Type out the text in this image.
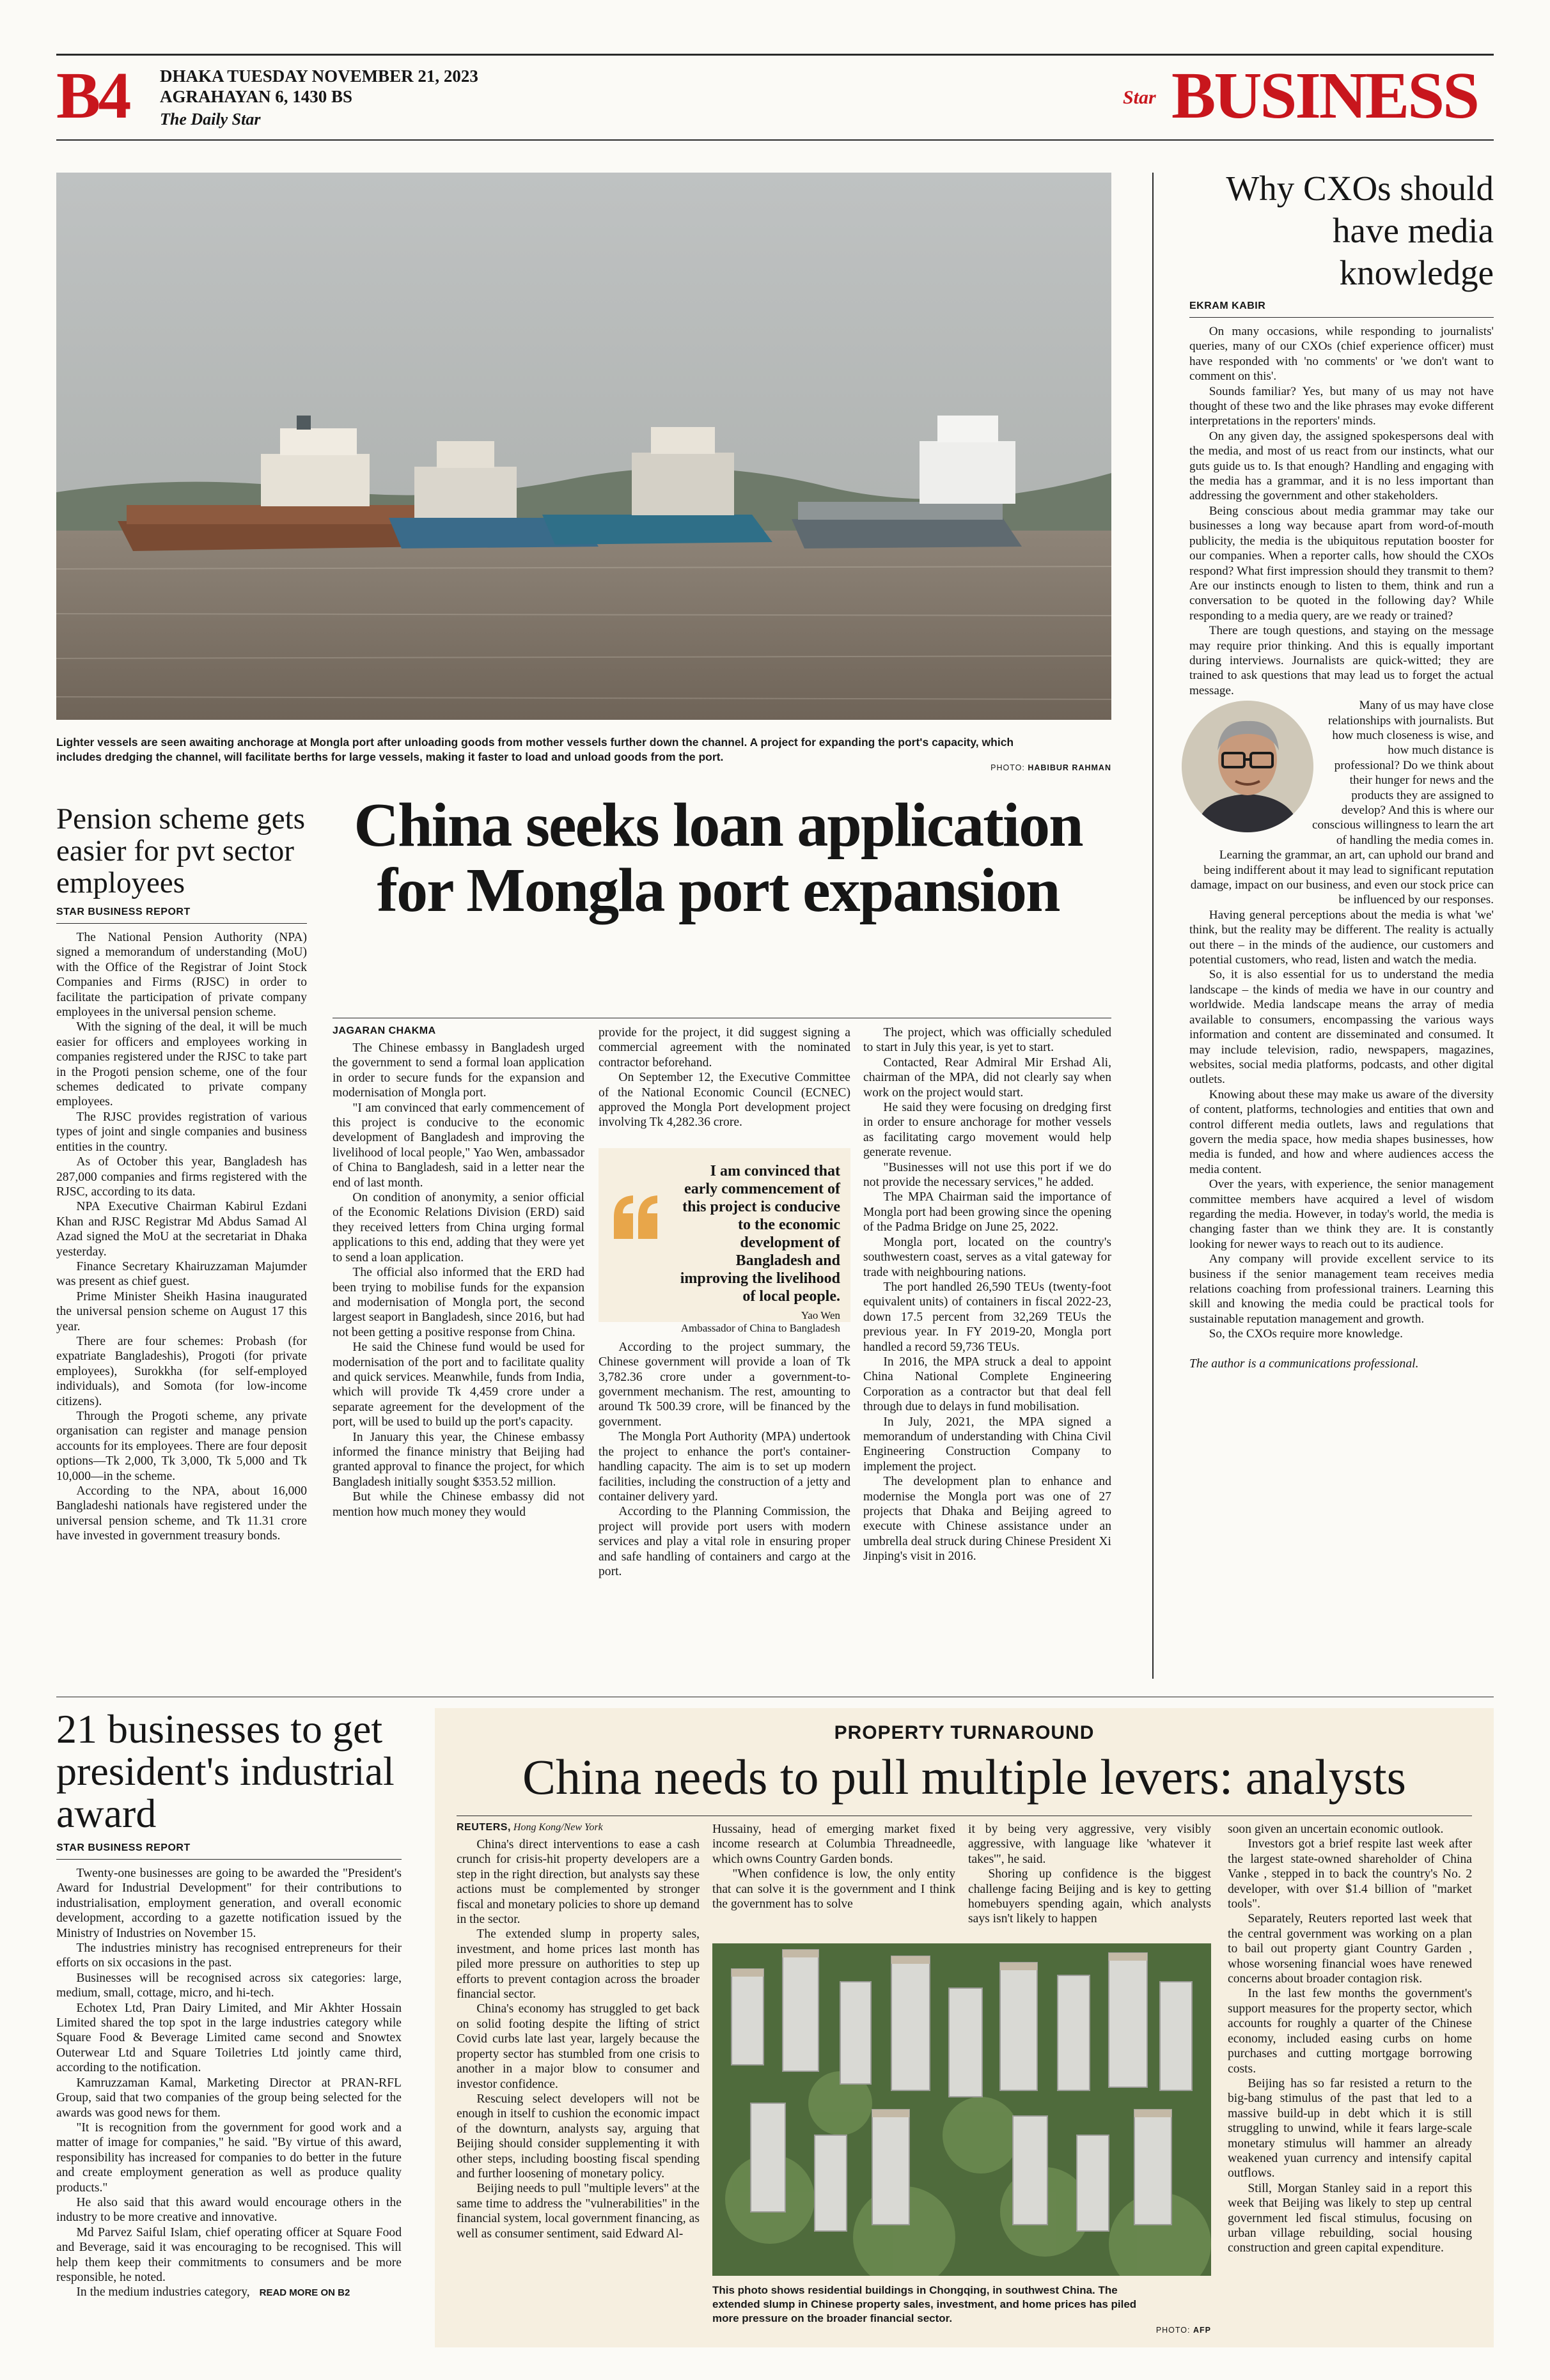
B4 DHAKA TUESDAY NOVEMBER 21, 2023
AGRAHAYAN 6, 1430 BS
The Daily Star
Star BUSINESS
Lighter vessels are seen awaiting anchorage at Mongla port after unloading goods from mother vessels further down the channel. A project for expanding the port's capacity, which includes dredging the channel, will facilitate berths for large vessels, making it faster to load and unload goods from the port.
PHOTO: HABIBUR RAHMAN
China seeks loan application for Mongla port expansion
JAGARAN CHAKMA

The Chinese embassy in Bangladesh urged the government to send a formal loan application in order to secure funds for the expansion and modernisation of Mongla port.

"I am convinced that early commencement of this project is conducive to the economic development of Bangladesh and improving the livelihood of local people," Yao Wen, ambassador of China to Bangladesh, said in a letter near the end of last month.

On condition of anonymity, a senior official of the Economic Relations Division (ERD) said they received letters from China urging formal applications to this end, adding that they were yet to send a loan application.

The official also informed that the ERD had been trying to mobilise funds for the expansion and modernisation of Mongla port, the second largest seaport in Bangladesh, since 2016, but had not been getting a positive response from China.

He said the Chinese fund would be used for modernisation of the port and to facilitate quality and quick services. Meanwhile, funds from India, which will provide Tk 4,459 crore under a separate agreement for the development of the port, will be used to build up the port's capacity.

In January this year, the Chinese embassy informed the finance ministry that Beijing had granted approval to finance the project, for which Bangladesh initially sought $353.52 million.

But while the Chinese embassy did not mention how much money they would

provide for the project, it did suggest signing a commercial agreement with the nominated contractor beforehand.

On September 12, the Executive Committee of the National Economic Council (ECNEC) approved the Mongla Port development project involving Tk 4,282.36 crore.

I am convinced that early commencement of this project is conducive to the economic development of Bangladesh and improving the livelihood of local people.
Yao Wen
Ambassador of China to Bangladesh

According to the project summary, the Chinese government will provide a loan of Tk 3,782.36 crore under a government-to-government mechanism. The rest, amounting to around Tk 500.39 crore, will be financed by the government.

The Mongla Port Authority (MPA) undertook the project to enhance the port's container-handling capacity. The aim is to set up modern facilities, including the construction of a jetty and container delivery yard.

According to the Planning Commission, the project will provide port users with modern services and play a vital role in ensuring proper and safe handling of containers and cargo at the port.

The project, which was officially scheduled to start in July this year, is yet to start.

Contacted, Rear Admiral Mir Ershad Ali, chairman of the MPA, did not clearly say when work on the project would start.

He said they were focusing on dredging first in order to ensure anchorage for mother vessels as facilitating cargo movement would help generate revenue.

"Businesses will not use this port if we do not provide the necessary services," he added.

The MPA Chairman said the importance of Mongla port had been growing since the opening of the Padma Bridge on June 25, 2022.

Mongla port, located on the country's southwestern coast, serves as a vital gateway for trade with neighbouring nations.

The port handled 26,590 TEUs (twenty-foot equivalent units) of containers in fiscal 2022-23, down 17.5 percent from 32,269 TEUs the previous year. In FY 2019-20, Mongla port handled a record 59,736 TEUs.

In 2016, the MPA struck a deal to appoint China National Complete Engineering Corporation as a contractor but that deal fell through due to delays in fund mobilisation.

In July, 2021, the MPA signed a memorandum of understanding with China Civil Engineering Construction Company to implement the project.

The development plan to enhance and modernise the Mongla port was one of 27 projects that Dhaka and Beijing agreed to execute with Chinese assistance under an umbrella deal struck during Chinese President Xi Jinping's visit in 2016.

Pension scheme gets easier for pvt sector employees
STAR BUSINESS REPORT

The National Pension Authority (NPA) signed a memorandum of understanding (MoU) with the Office of the Registrar of Joint Stock Companies and Firms (RJSC) in order to facilitate the participation of private company employees in the universal pension scheme.

With the signing of the deal, it will be much easier for officers and employees working in companies registered under the RJSC to take part in the Progoti pension scheme, one of the four schemes dedicated to private company employees.

The RJSC provides registration of various types of joint and single companies and business entities in the country.

As of October this year, Bangladesh has 287,000 companies and firms registered with the RJSC, according to its data.

NPA Executive Chairman Kabirul Ezdani Khan and RJSC Registrar Md Abdus Samad Al Azad signed the MoU at the secretariat in Dhaka yesterday.

Finance Secretary Khairuzzaman Majumder was present as chief guest.

Prime Minister Sheikh Hasina inaugurated the universal pension scheme on August 17 this year.

There are four schemes: Probash (for expatriate Bangladeshis), Progoti (for private employees), Surokkha (for self-employed individuals), and Somota (for low-income citizens).

Through the Progoti scheme, any private organisation can register and manage pension accounts for its employees. There are four deposit options—Tk 2,000, Tk 3,000, Tk 5,000 and Tk 10,000—in the scheme.

According to the NPA, about 16,000 Bangladeshi nationals have registered under the universal pension scheme, and Tk 11.31 crore have invested in government treasury bonds.

Why CXOs should have media knowledge
EKRAM KABIR

On many occasions, while responding to journalists' queries, many of our CXOs (chief experience officer) must have responded with 'no comments' or 'we don't want to comment on this'.

Sounds familiar? Yes, but many of us may not have thought of these two and the like phrases may evoke different interpretations in the reporters' minds.

On any given day, the assigned spokespersons deal with the media, and most of us react from our instincts, what our guts guide us to. Is that enough? Handling and engaging with the media has a grammar, and it is no less important than addressing the government and other stakeholders.

Being conscious about media grammar may take our businesses a long way because apart from word-of-mouth publicity, the media is the ubiquitous reputation booster for our companies. When a reporter calls, how should the CXOs respond? What first impression should they transmit to them? Are our instincts enough to listen to them, think and run a conversation to be quoted in the following day? While responding to a media query, are we ready or trained?

There are tough questions, and staying on the message may require prior thinking. And this is equally important during interviews. Journalists are quick-witted; they are trained to ask questions that may lead us to forget the actual message.

Many of us may have close relationships with journalists. But how much closeness is wise, and how much distance is professional? Do we think about their hunger for news and the products they are assigned to develop? And this is where our conscious willingness to learn the art of handling the media comes in.

Learning the grammar, an art, can uphold our brand and being indifferent about it may lead to significant reputation damage, impact on our business, and even our stock price can be influenced by our responses.

Having general perceptions about the media is what 'we' think, but the reality may be different. The reality is actually out there – in the minds of the audience, our customers and potential customers, who read, listen and watch the media.

So, it is also essential for us to understand the media landscape – the kinds of media we have in our country and worldwide. Media landscape means the array of media available to consumers, encompassing the various ways information and content are disseminated and consumed. It may include television, radio, newspapers, magazines, websites, social media platforms, podcasts, and other digital outlets.

Knowing about these may make us aware of the diversity of content, platforms, technologies and entities that own and control different media outlets, laws and regulations that govern the media space, how media shapes businesses, how media is funded, and how and where audiences access the media content.

Over the years, with experience, the senior management committee members have acquired a level of wisdom regarding the media. However, in today's world, the media is changing faster than we think they are. It is constantly looking for newer ways to reach out to its audience.

Any company will provide excellent service to its business if the senior management team receives media relations coaching from professional trainers. Learning this skill and knowing the media could be practical tools for sustainable reputation management and growth.

So, the CXOs require more knowledge.

The author is a communications professional.
21 businesses to get president's industrial award
STAR BUSINESS REPORT

Twenty-one businesses are going to be awarded the "President's Award for Industrial Development" for their contributions to industrialisation, employment generation, and overall economic development, according to a gazette notification issued by the Ministry of Industries on November 15.

The industries ministry has recognised entrepreneurs for their efforts on six occasions in the past.

Businesses will be recognised across six categories: large, medium, small, cottage, micro, and hi-tech.

Echotex Ltd, Pran Dairy Limited, and Mir Akhter Hossain Limited shared the top spot in the large industries category while Square Food & Beverage Limited came second and Snowtex Outerwear Ltd and Square Toiletries Ltd jointly came third, according to the notification.

Kamruzzaman Kamal, Marketing Director at PRAN-RFL Group, said that two companies of the group being selected for the awards was good news for them.

"It is recognition from the government for good work and a matter of image for companies," he said. "By virtue of this award, responsibility has increased for companies to do better in the future and create employment generation as well as produce quality products."

He also said that this award would encourage others in the industry to be more creative and innovative.

Md Parvez Saiful Islam, chief operating officer at Square Food and Beverage, said it was encouraging to be recognised. This will help them keep their commitments to consumers and be more responsible, he noted.

In the medium industries category, READ MORE ON B2

PROPERTY TURNAROUND
China needs to pull multiple levers: analysts
REUTERS, Hong Kong/New York

China's direct interventions to ease a cash crunch for crisis-hit property developers are a step in the right direction, but analysts say these actions must be complemented by stronger fiscal and monetary policies to shore up demand in the sector.

The extended slump in property sales, investment, and home prices last month has piled more pressure on authorities to step up efforts to prevent contagion across the broader financial sector.

China's economy has struggled to get back on solid footing despite the lifting of strict Covid curbs late last year, largely because the property sector has stumbled from one crisis to another in a major blow to consumer and investor confidence.

Rescuing select developers will not be enough in itself to cushion the economic impact of the downturn, analysts say, arguing that Beijing should consider supplementing it with other steps, including boosting fiscal spending and further loosening of monetary policy.

Beijing needs to pull "multiple levers" at the same time to address the "vulnerabilities" in the financial system, local government financing, as well as consumer sentiment, said Edward Al-

Hussainy, head of emerging market fixed income research at Columbia Threadneedle, which owns Country Garden bonds.

"When confidence is low, the only entity that can solve it is the government and I think the government has to solve

it by being very aggressive, very visibly aggressive, with language like 'whatever it takes'", he said.

Shoring up confidence is the biggest challenge facing Beijing and is key to getting homebuyers spending again, which analysts says isn't likely to happen

This photo shows residential buildings in Chongqing, in southwest China. The extended slump in Chinese property sales, investment, and home prices has piled more pressure on the broader financial sector.
PHOTO: AFP

soon given an uncertain economic outlook.

Investors got a brief respite last week after the largest state-owned shareholder of China Vanke , stepped in to back the country's No. 2 developer, with over $1.4 billion of "market tools".

Separately, Reuters reported last week that the central government was working on a plan to bail out property giant Country Garden , whose worsening financial woes have renewed concerns about broader contagion risk.

In the last few months the government's support measures for the property sector, which accounts for roughly a quarter of the Chinese economy, included easing curbs on home purchases and cutting mortgage borrowing costs.

Beijing has so far resisted a return to the big-bang stimulus of the past that led to a massive build-up in debt which it is still struggling to unwind, while it fears large-scale monetary stimulus will hammer an already weakened yuan currency and intensify capital outflows.

Still, Morgan Stanley said in a report this week that Beijing was likely to step up central government led fiscal stimulus, focusing on urban village rebuilding, social housing construction and green capital expenditure.
